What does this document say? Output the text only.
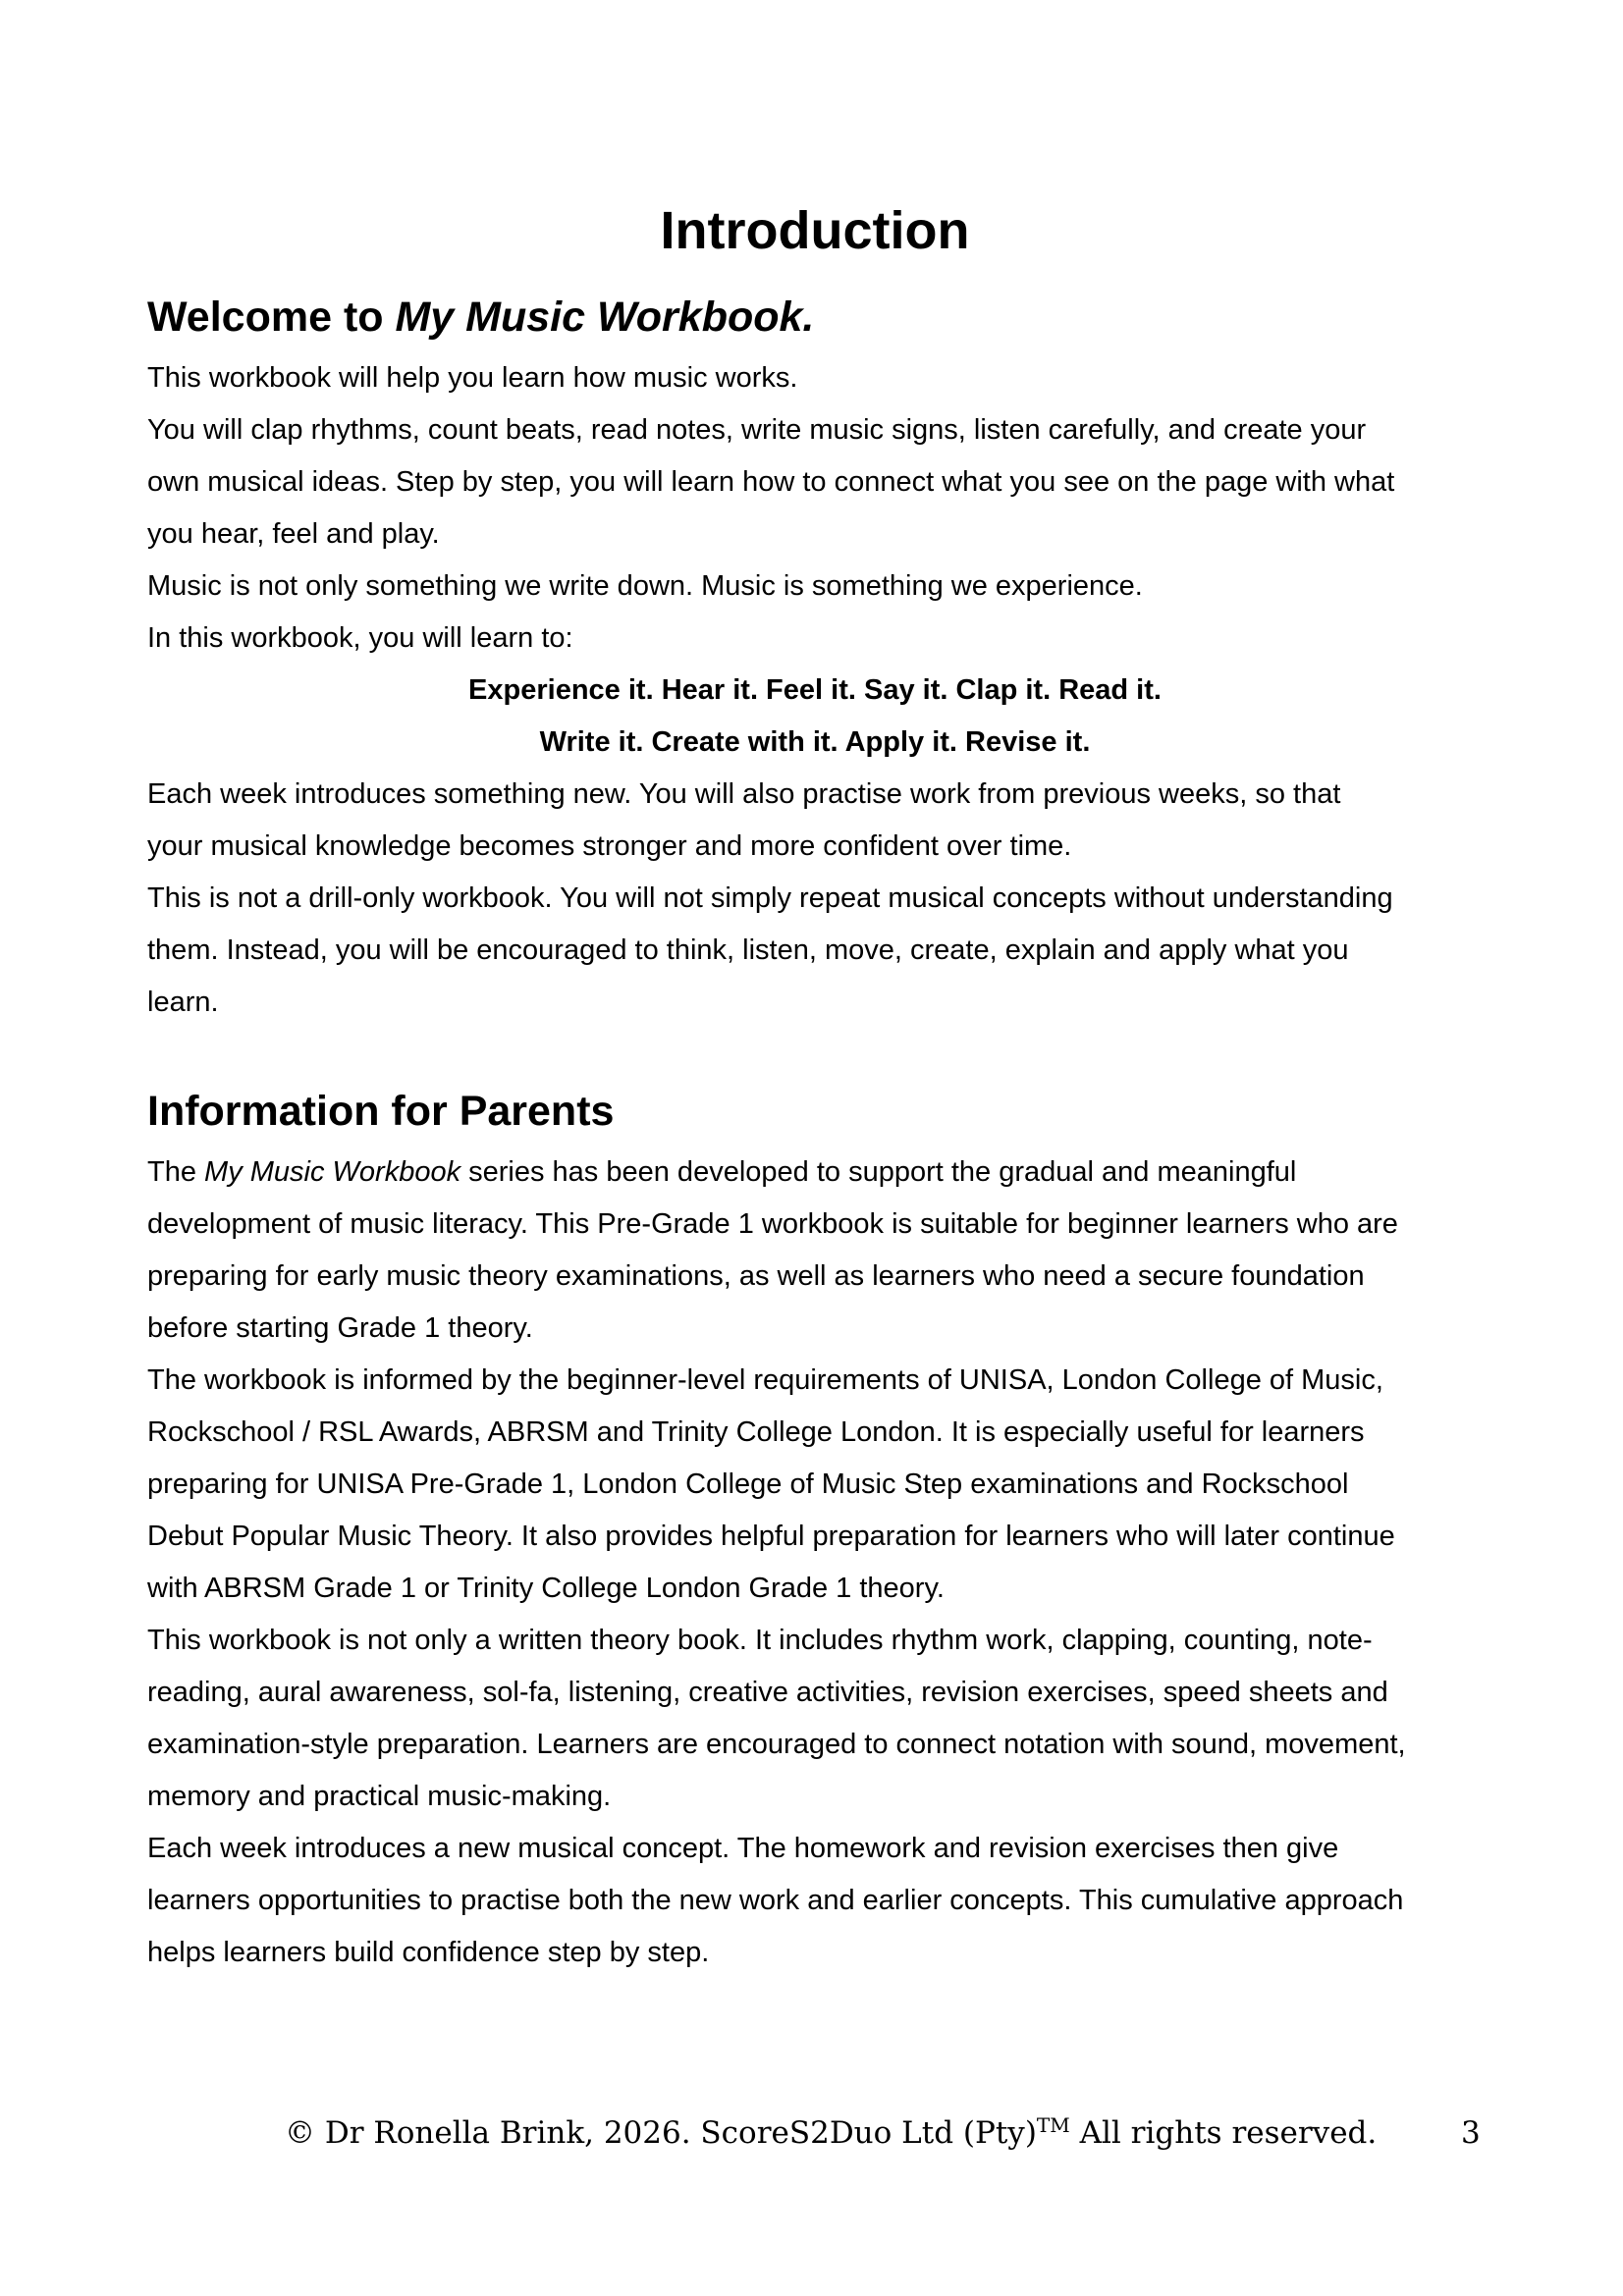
Introduction
Welcome to My Music Workbook.

This workbook will help you learn how music works.

You will clap rhythms, count beats, read notes, write music signs, listen carefully, and create your

own musical ideas. Step by step, you will learn how to connect what you see on the page with what

you hear, feel and play.

Music is not only something we write down. Music is something we experience.

In this workbook, you will learn to:

Experience it. Hear it. Feel it. Say it. Clap it. Read it.

Write it. Create with it. Apply it. Revise it.

Each week introduces something new. You will also practise work from previous weeks, so that

your musical knowledge becomes stronger and more confident over time.

This is not a drill-only workbook. You will not simply repeat musical concepts without understanding

them. Instead, you will be encouraged to think, listen, move, create, explain and apply what you

learn.

Information for Parents

The My Music Workbook series has been developed to support the gradual and meaningful

development of music literacy. This Pre-Grade 1 workbook is suitable for beginner learners who are

preparing for early music theory examinations, as well as learners who need a secure foundation

before starting Grade 1 theory.

The workbook is informed by the beginner-level requirements of UNISA, London College of Music,

Rockschool / RSL Awards, ABRSM and Trinity College London. It is especially useful for learners

preparing for UNISA Pre-Grade 1, London College of Music Step examinations and Rockschool

Debut Popular Music Theory. It also provides helpful preparation for learners who will later continue

with ABRSM Grade 1 or Trinity College London Grade 1 theory.

This workbook is not only a written theory book. It includes rhythm work, clapping, counting, note-

reading, aural awareness, sol-fa, listening, creative activities, revision exercises, speed sheets and

examination-style preparation. Learners are encouraged to connect notation with sound, movement,

memory and practical music-making.

Each week introduces a new musical concept. The homework and revision exercises then give

learners opportunities to practise both the new work and earlier concepts. This cumulative approach

helps learners build confidence step by step.

© Dr Ronella Brink, 2026. ScoreS2Duo Ltd (Pty)™ All rights reserved.	3
